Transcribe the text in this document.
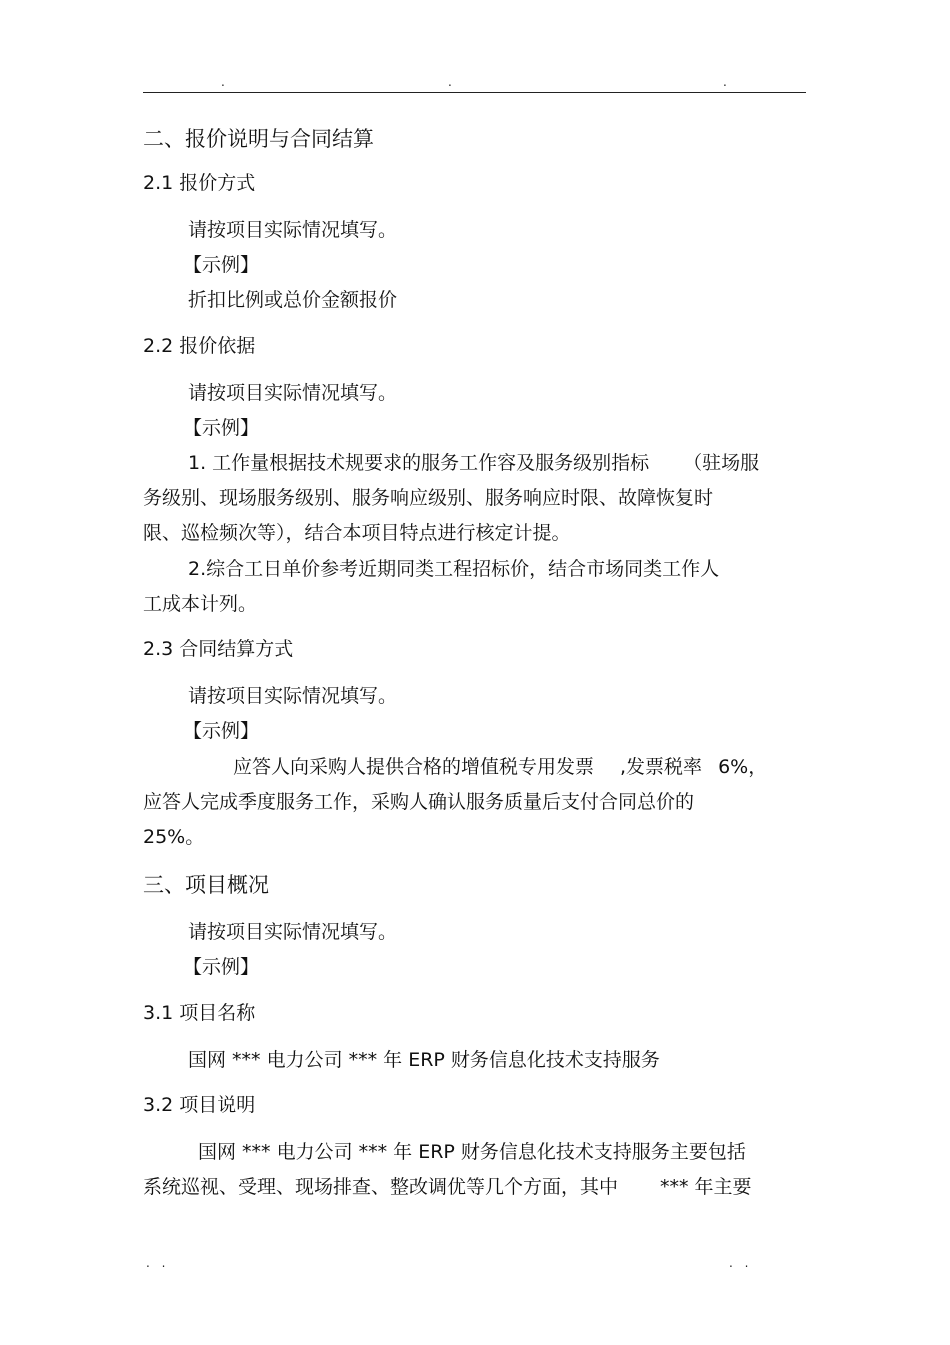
.	.	.
二、报价说明与合同结算
2.1 报价方式
请按项目实际情况填写。
【示例】
折扣比例或总价金额报价
2.2 报价依据
请按项目实际情况填写。
【示例】
1. 工作量根据技术规要求的服务工作容及服务级别指标 （驻场服
务级别、现场服务级别、服务响应级别、服务响应时限、故障恢复时
限、巡检频次等），结合本项目特点进行核定计提。
2.综合工日单价参考近期同类工程招标价，结合市场同类工作人
工成本计列。
2.3 合同结算方式
请按项目实际情况填写。
【示例】
应答人向采购人提供合格的增值税专用发票 ,发票税率 6%，
应答人完成季度服务工作，采购人确认服务质量后支付合同总价的
25%。
三、项目概况
请按项目实际情况填写。
【示例】
3.1 项目名称
国网 *** 电力公司 *** 年 ERP 财务信息化技术支持服务
3.2 项目说明
国网 *** 电力公司 *** 年 ERP 财务信息化技术支持服务主要包括
系统巡视、受理、现场排查、整改调优等几个方面，其中 *** 年主要
. .	. .
